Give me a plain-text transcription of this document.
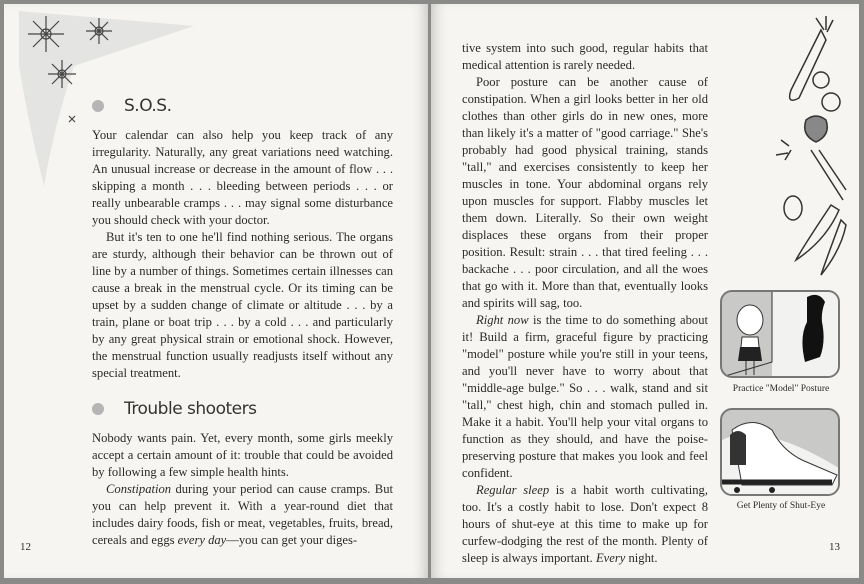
S.O.S.

Your calendar can also help you keep track of any irregularity. Naturally, any great variations need watching. An unusual increase or decrease in the amount of flow . . . skipping a month . . . bleeding between periods . . . or really unbearable cramps . . . may signal some disturbance you should check with your doctor.

But it's ten to one he'll find nothing serious. The organs are sturdy, although their behavior can be thrown out of line by a number of things. Sometimes certain illnesses can cause a break in the menstrual cycle. Or its timing can be upset by a sudden change of climate or altitude . . . by a train, plane or boat trip . . . by a cold . . . and particularly by any great physical strain or emotional shock. However, the menstrual function usually readjusts itself without any special treatment.

Trouble shooters

Nobody wants pain. Yet, every month, some girls meekly accept a certain amount of it: trouble that could be avoided by following a few simple health hints.

Constipation during your period can cause cramps. But you can help prevent it. With a year-round diet that includes dairy foods, fish or meat, vegetables, fruits, bread, cereals and eggs every day—you can get your diges-

12

tive system into such good, regular habits that medical attention is rarely needed.

Poor posture can be another cause of constipation. When a girl looks better in her old clothes than other girls do in new ones, more than likely it's a matter of "good carriage." She's probably had good physical training, stands "tall," and exercises consistently to keep her muscles in tone. Your abdominal organs rely upon muscles for support. Flabby muscles let them down. Literally. So their own weight displaces these organs from their proper position. Result: strain . . . that tired feeling . . . backache . . . poor circulation, and all the woes that go with it. More than that, eventually looks and spirits will sag, too.

Right now is the time to do something about it! Build a firm, graceful figure by practicing "model" posture while you're still in your teens, and you'll never have to worry about that "middle-age bulge." So . . . walk, stand and sit "tall," chest high, chin and stomach pulled in. Make it a habit. You'll help your vital organs to function as they should, and have the poise-preserving posture that makes you look and feel confident.

Regular sleep is a habit worth cultivating, too. It's a costly habit to lose. Don't expect 8 hours of shut-eye at this time to make up for curfew-dodging the rest of the month. Plenty of sleep is always important. Every night.

Practice "Model" Posture
Get Plenty of Shut-Eye
13
